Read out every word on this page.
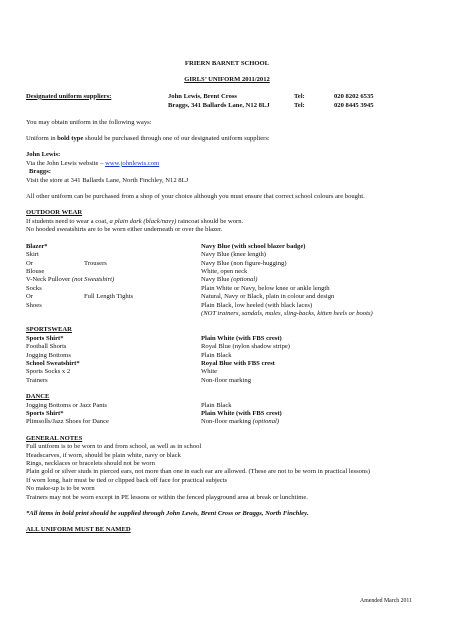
FRIERN BARNET SCHOOL
GIRLS’ UNIFORM 2011/2012
Designated uniform suppliers:	John Lewis, Brent Cross	Tel:	020 8202 6535
Braggs, 341 Ballards Lane, N12 8LJ	Tel:	020 8445 3945
You may obtain uniform in the following ways:
Uniform in bold type should be purchased through one of our designated uniform suppliers:
John Lewis:
Via the John Lewis website – www.johnlewis.com
Braggs:
Visit the store at 341 Ballards Lane, North Finchley, N12 8LJ
All other uniform can be purchased from a shop of your choice although you must ensure that correct school colours are bought.
OUTDOOR WEAR
If students need to wear a coat, a plain dark (black/navy) raincoat should be worn.
No hooded sweatshirts are to be worn either underneath or over the blazer.
Blazer*	Navy Blue (with school blazer badge)
Skirt	Navy Blue (knee length)
Or	Trousers	Navy Blue (non figure-hugging)
Blouse	White, open neck
V-Neck Pullover (not Sweatshirt)	Navy Blue (optional)
Socks	Plain White or Navy, below knee or ankle length
Or	Full Length Tights	Natural, Navy or Black, plain in colour and design
Shoes	Plain Black, low heeled (with black laces)
(NOT trainers, sandals, mules, sling-backs, kitten heels or boots)
SPORTSWEAR
Sports Shirt*	Plain White (with FBS crest)
Football Shorts	Royal Blue (nylon shadow stripe)
Jogging Bottoms	Plain Black
School Sweatshirt*	Royal Blue with FBS crest
Sports Socks x 2	White
Trainers	Non-floor marking
DANCE
Jogging Bottoms or Jazz Pants	Plain Black
Sports Shirt*	Plain White (with FBS crest)
Plimsolls/Jazz Shoes for Dance	Non-floor marking (optional)
GENERAL NOTES
Full uniform is to be worn to and from school, as well as in school
Headscarves, if worn, should be plain white, navy or black
Rings, necklaces or bracelets should not be worn
Plain gold or silver studs in pierced ears, not more than one in each ear are allowed. (These are not to be worn in practical lessons)
If worn long, hair must be tied or clipped back off face for practical subjects
No make-up is to be worn
Trainers may not be worn except in PE lessons or within the fenced playground area at break or lunchtime.
*All items in bold print should be supplied through John Lewis, Brent Cross or Braggs, North Finchley.
ALL UNIFORM MUST BE NAMED
Amended March 2011
